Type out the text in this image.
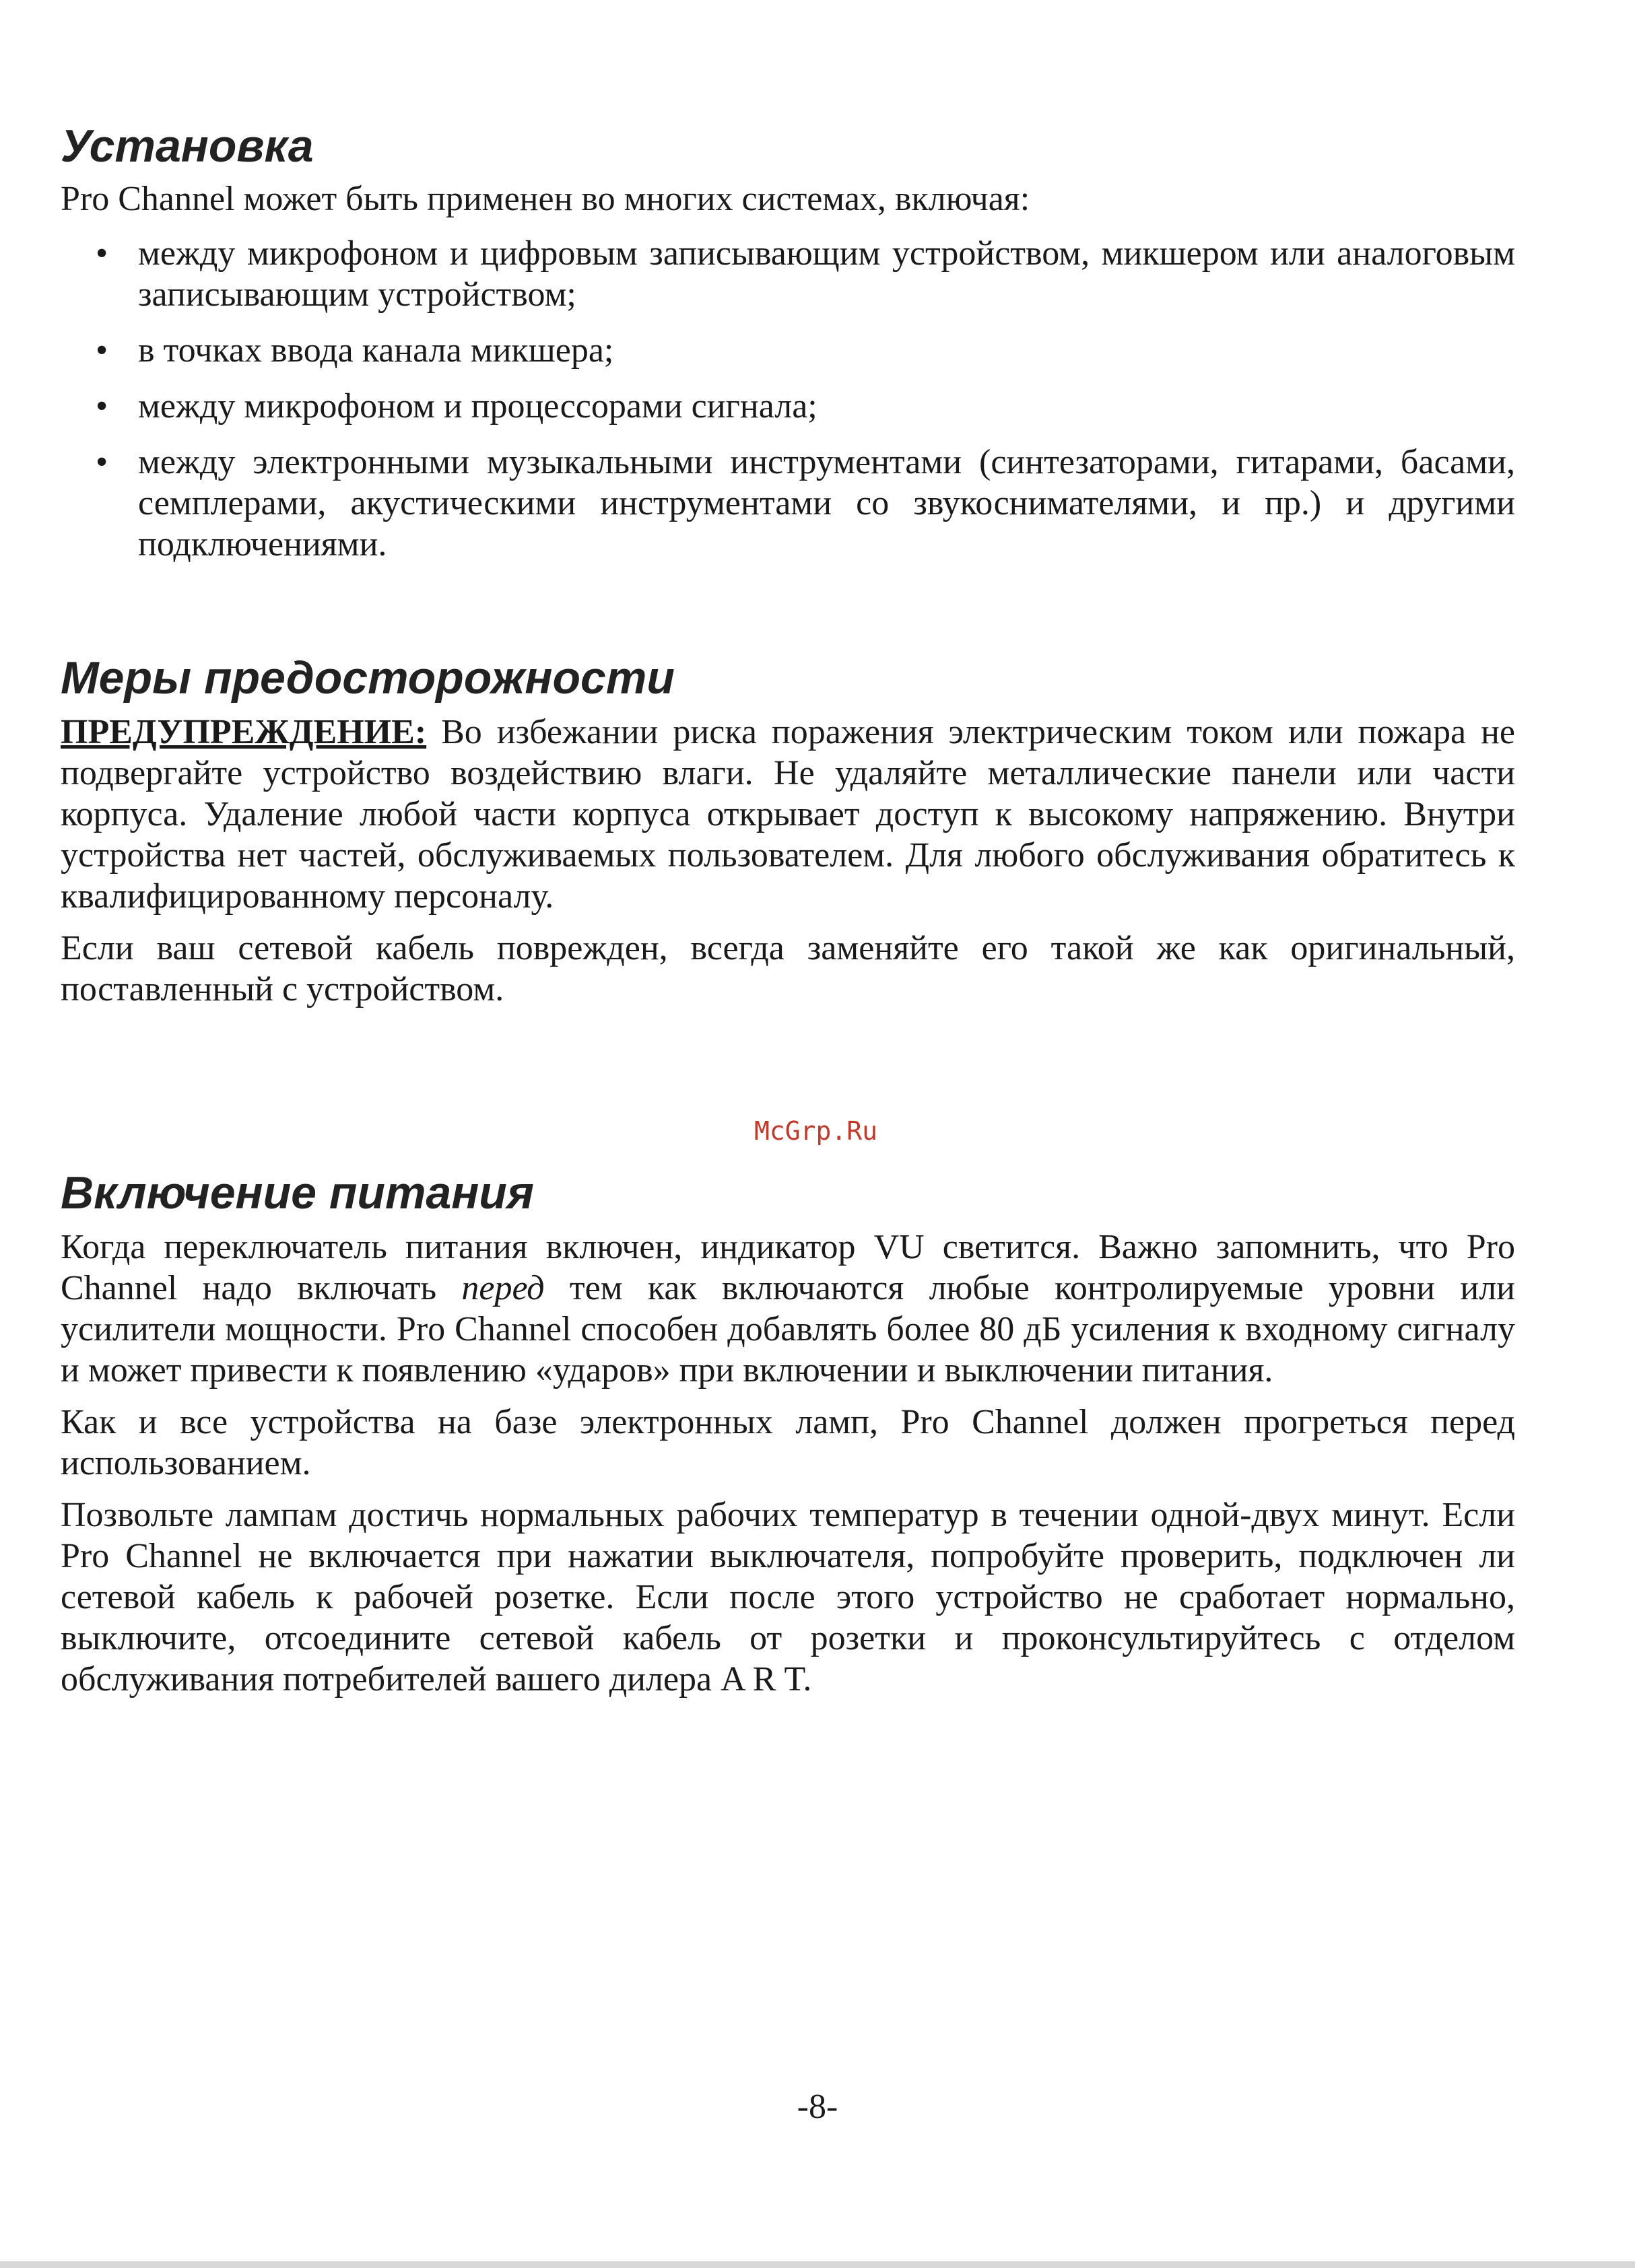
Установка

Pro Channel может быть применен во многих системах, включая:

• между микрофоном и цифровым записывающим устройством, микшером или аналоговым записывающим устройством;
• в точках ввода канала микшера;
• между микрофоном и процессорами сигнала;
• между электронными музыкальными инструментами (синтезаторами, гитарами, басами, семплерами, акустическими инструментами со звукоснимателями, и пр.) и другими подключениями.
Меры предосторожности

ПРЕДУПРЕЖДЕНИЕ: Во избежании риска поражения электрическим током или пожара не подвергайте устройство воздействию влаги. Не удаляйте металлические панели или части корпуса. Удаление любой части корпуса открывает доступ к высокому напряжению. Внутри устройства нет частей, обслуживаемых пользователем. Для любого обслуживания обратитесь к квалифицированному персоналу.

Если ваш сетевой кабель поврежден, всегда заменяйте его такой же как оригинальный, поставленный с устройством.

Включение питания

Когда переключатель питания включен, индикатор VU светится. Важно запомнить, что Pro Channel надо включать перед тем как включаются любые контролируемые уровни или усилители мощности. Pro Channel способен добавлять более 80 дБ усиления к входному сигналу и может привести к появлению «ударов» при включении и выключении питания.

Как и все устройства на базе электронных ламп, Pro Channel должен прогреться перед использованием.

Позвольте лампам достичь нормальных рабочих температур в течении одной-двух минут. Если Pro Channel не включается при нажатии выключателя, попробуйте проверить, подключен ли сетевой кабель к рабочей розетке. Если после этого устройство не сработает нормально, выключите, отсоедините сетевой кабель от розетки и проконсультируйтесь с отделом обслуживания потребителей вашего дилера A R T.

McGrp.Ru
-8-
